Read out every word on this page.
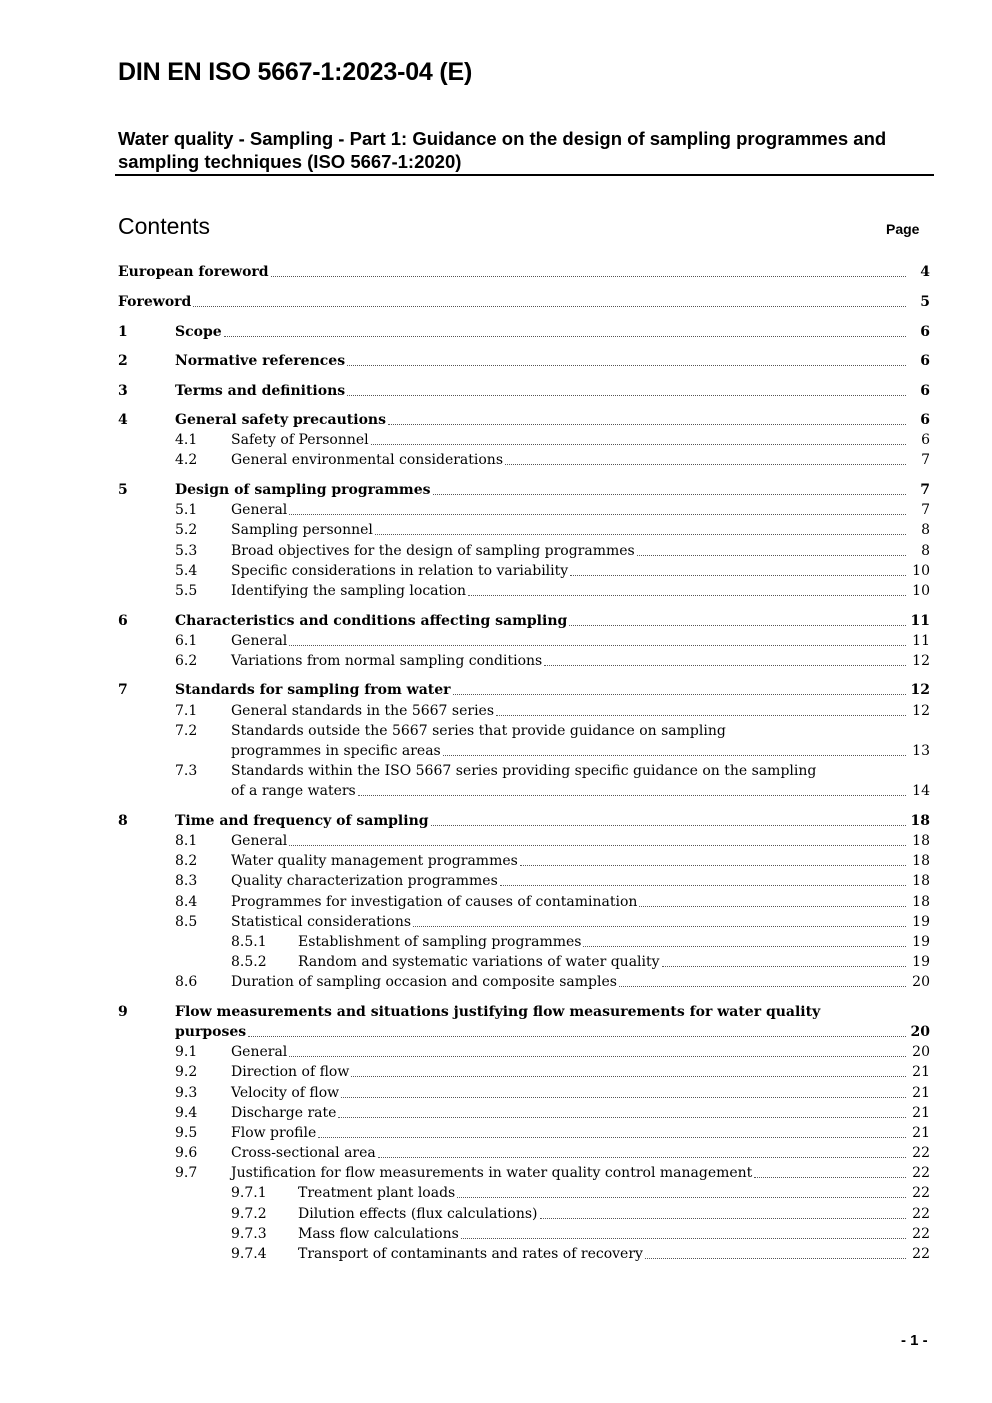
DIN EN ISO 5667-1:2023-04 (E)
Water quality - Sampling - Part 1: Guidance on the design of sampling programmes and sampling techniques (ISO 5667-1:2020)
Contents	Page
European foreword	4
Foreword	5
1	Scope	6
2	Normative references	6
3	Terms and definitions	6
4	General safety precautions	6
4.1 Safety of Personnel	6
4.2 General environmental considerations	7
5	Design of sampling programmes	7
5.1 General	7
5.2 Sampling personnel	8
5.3 Broad objectives for the design of sampling programmes	8
5.4 Specific considerations in relation to variability	10
5.5 Identifying the sampling location	10
6	Characteristics and conditions affecting sampling	11
6.1 General	11
6.2 Variations from normal sampling conditions	12
7	Standards for sampling from water	12
7.1 General standards in the 5667 series	12
7.2 Standards outside the 5667 series that provide guidance on sampling
programmes in specific areas	13
7.3 Standards within the ISO 5667 series providing specific guidance on the sampling
of a range waters	14
8	Time and frequency of sampling	18
8.1 General	18
8.2 Water quality management programmes	18
8.3 Quality characterization programmes	18
8.4 Programmes for investigation of causes of contamination	18
8.5 Statistical considerations	19
8.5.1 Establishment of sampling programmes	19
8.5.2 Random and systematic variations of water quality	19
8.6 Duration of sampling occasion and composite samples	20
9	Flow measurements and situations justifying flow measurements for water quality
purposes	20
9.1 General	20
9.2 Direction of flow	21
9.3 Velocity of flow	21
9.4 Discharge rate	21
9.5 Flow profile	21
9.6 Cross-sectional area	22
9.7 Justification for flow measurements in water quality control management	22
9.7.1 Treatment plant loads	22
9.7.2 Dilution effects (flux calculations)	22
9.7.3 Mass flow calculations	22
9.7.4 Transport of contaminants and rates of recovery	22
- 1 -
